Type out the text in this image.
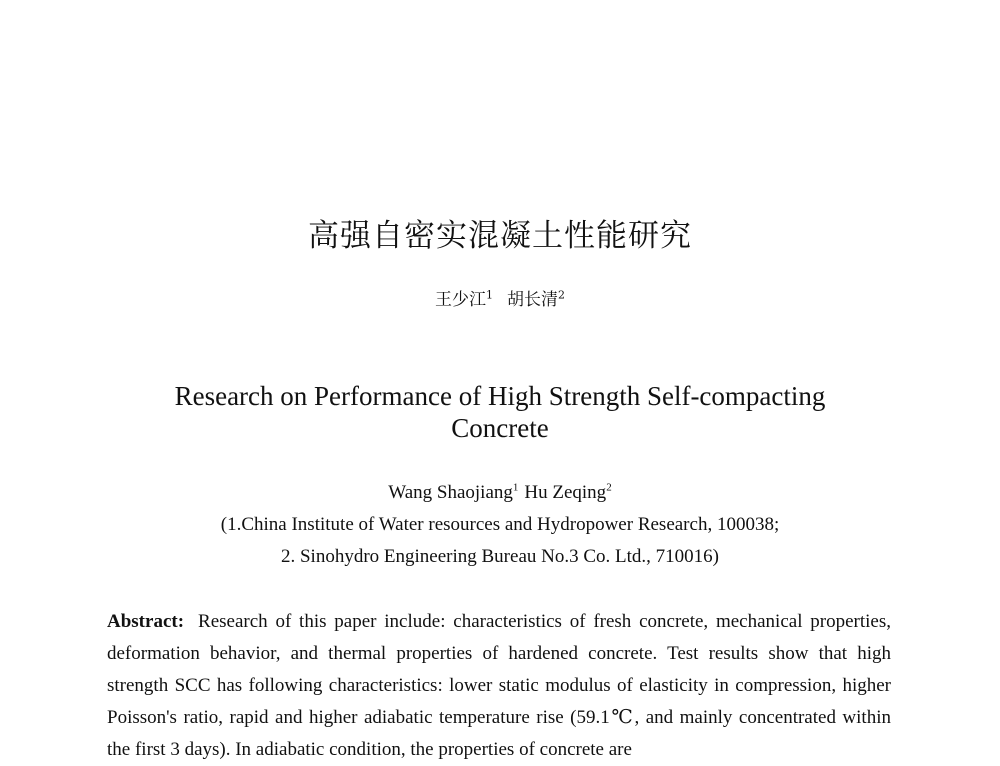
高强自密实混凝土性能研究
王少江$^1$ 胡长清$^2$
Research on Performance of High Strength Self-compacting Concrete
Wang Shaojiang$^1$ Hu Zeqing$^2$
(1.China Institute of Water resources and Hydropower Research, 100038;
2. Sinohydro Engineering Bureau No.3 Co. Ltd., 710016)
Abstract: Research of this paper include: characteristics of fresh concrete, mechanical properties, deformation behavior, and thermal properties of hardened concrete. Test results show that high strength SCC has following characteristics: lower static modulus of elasticity in compression, higher Poisson's ratio, rapid and higher adiabatic temperature rise (59.1℃, and mainly concentrated within the first 3 days). In adiabatic condition, the properties of concrete are
